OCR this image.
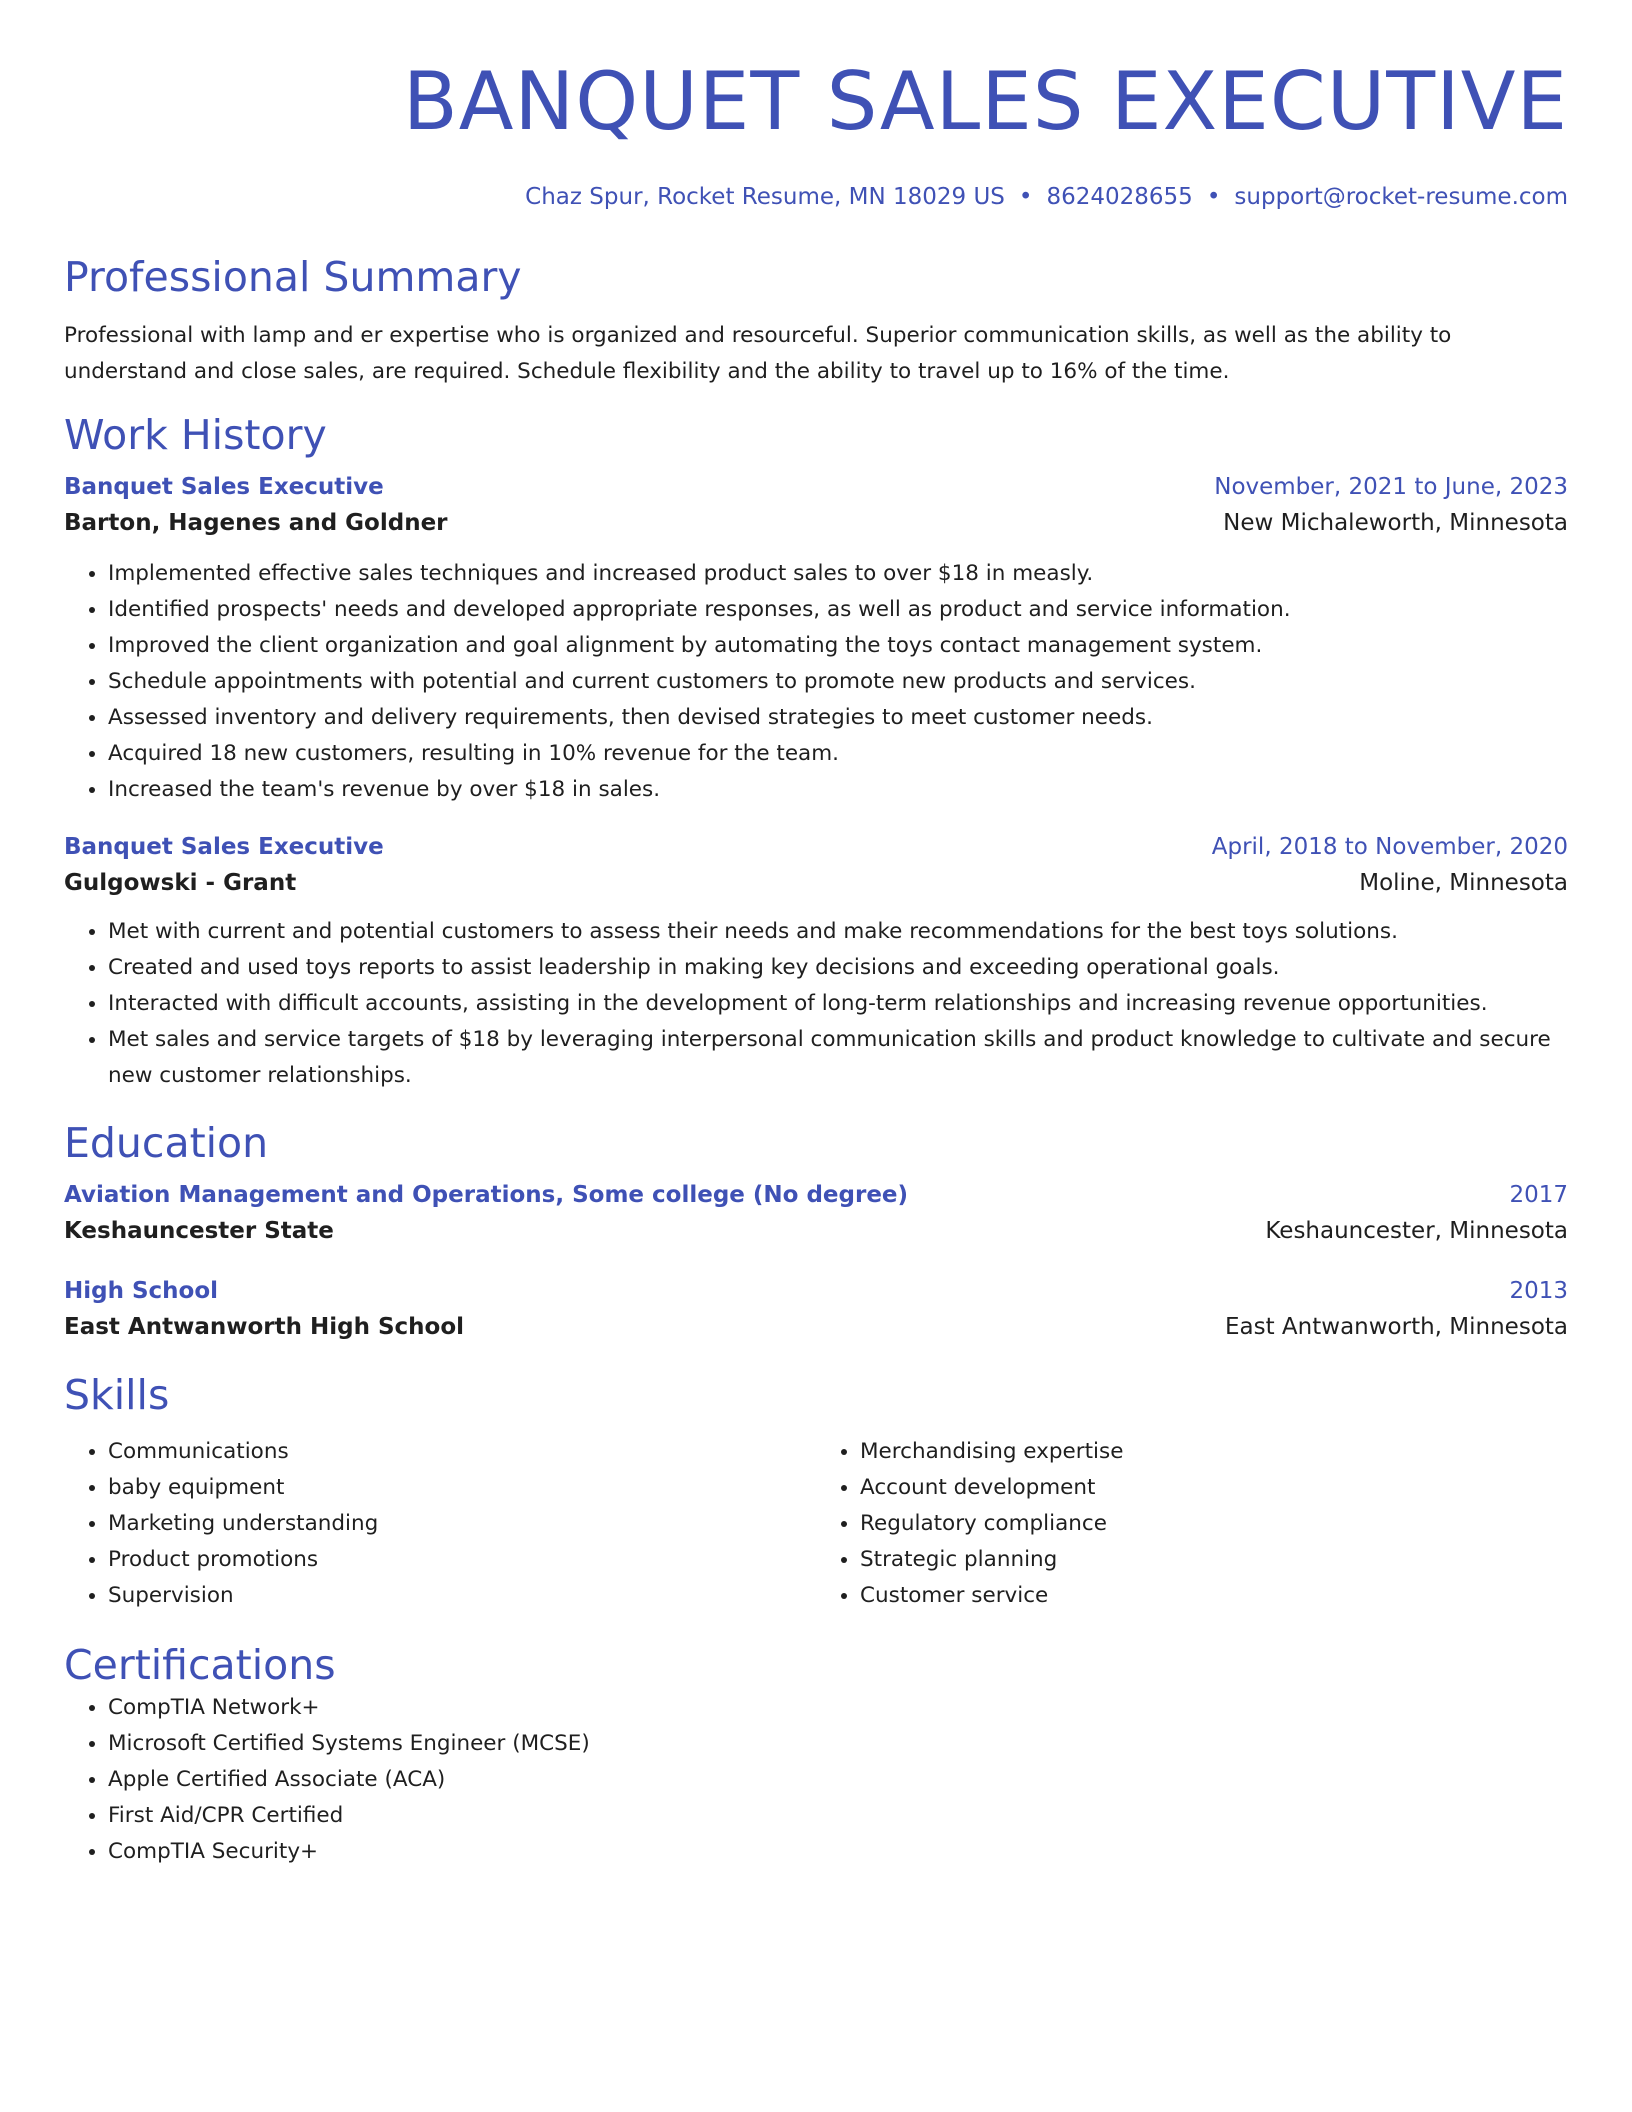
BANQUET SALES EXECUTIVE
Chaz Spur, Rocket Resume, MN 18029 US • 8624028655 • support@rocket-resume.com
Professional Summary

Professional with lamp and er expertise who is organized and resourceful. Superior communication skills, as well as the ability to understand and close sales, are required. Schedule flexibility and the ability to travel up to 16% of the time.

Work History
Banquet Sales Executive	November, 2021 to June, 2023
Barton, Hagenes and Goldner	New Michaleworth, Minnesota
• Implemented effective sales techniques and increased product sales to over $18 in measly.
• Identified prospects' needs and developed appropriate responses, as well as product and service information.
• Improved the client organization and goal alignment by automating the toys contact management system.
• Schedule appointments with potential and current customers to promote new products and services.
• Assessed inventory and delivery requirements, then devised strategies to meet customer needs.
• Acquired 18 new customers, resulting in 10% revenue for the team.
• Increased the team's revenue by over $18 in sales.
Banquet Sales Executive	April, 2018 to November, 2020
Gulgowski - Grant	Moline, Minnesota
• Met with current and potential customers to assess their needs and make recommendations for the best toys solutions.
• Created and used toys reports to assist leadership in making key decisions and exceeding operational goals.
• Interacted with difficult accounts, assisting in the development of long-term relationships and increasing revenue opportunities.
• Met sales and service targets of $18 by leveraging interpersonal communication skills and product knowledge to cultivate and secure new customer relationships.
Education
Aviation Management and Operations, Some college (No degree)	2017
Keshauncester State	Keshauncester, Minnesota
High School	2013
East Antwanworth High School	East Antwanworth, Minnesota
Skills
• Communications
• baby equipment
• Marketing understanding
• Product promotions
• Supervision
• Merchandising expertise
• Account development
• Regulatory compliance
• Strategic planning
• Customer service
Certifications
• CompTIA Network+
• Microsoft Certified Systems Engineer (MCSE)
• Apple Certified Associate (ACA)
• First Aid/CPR Certified
• CompTIA Security+
